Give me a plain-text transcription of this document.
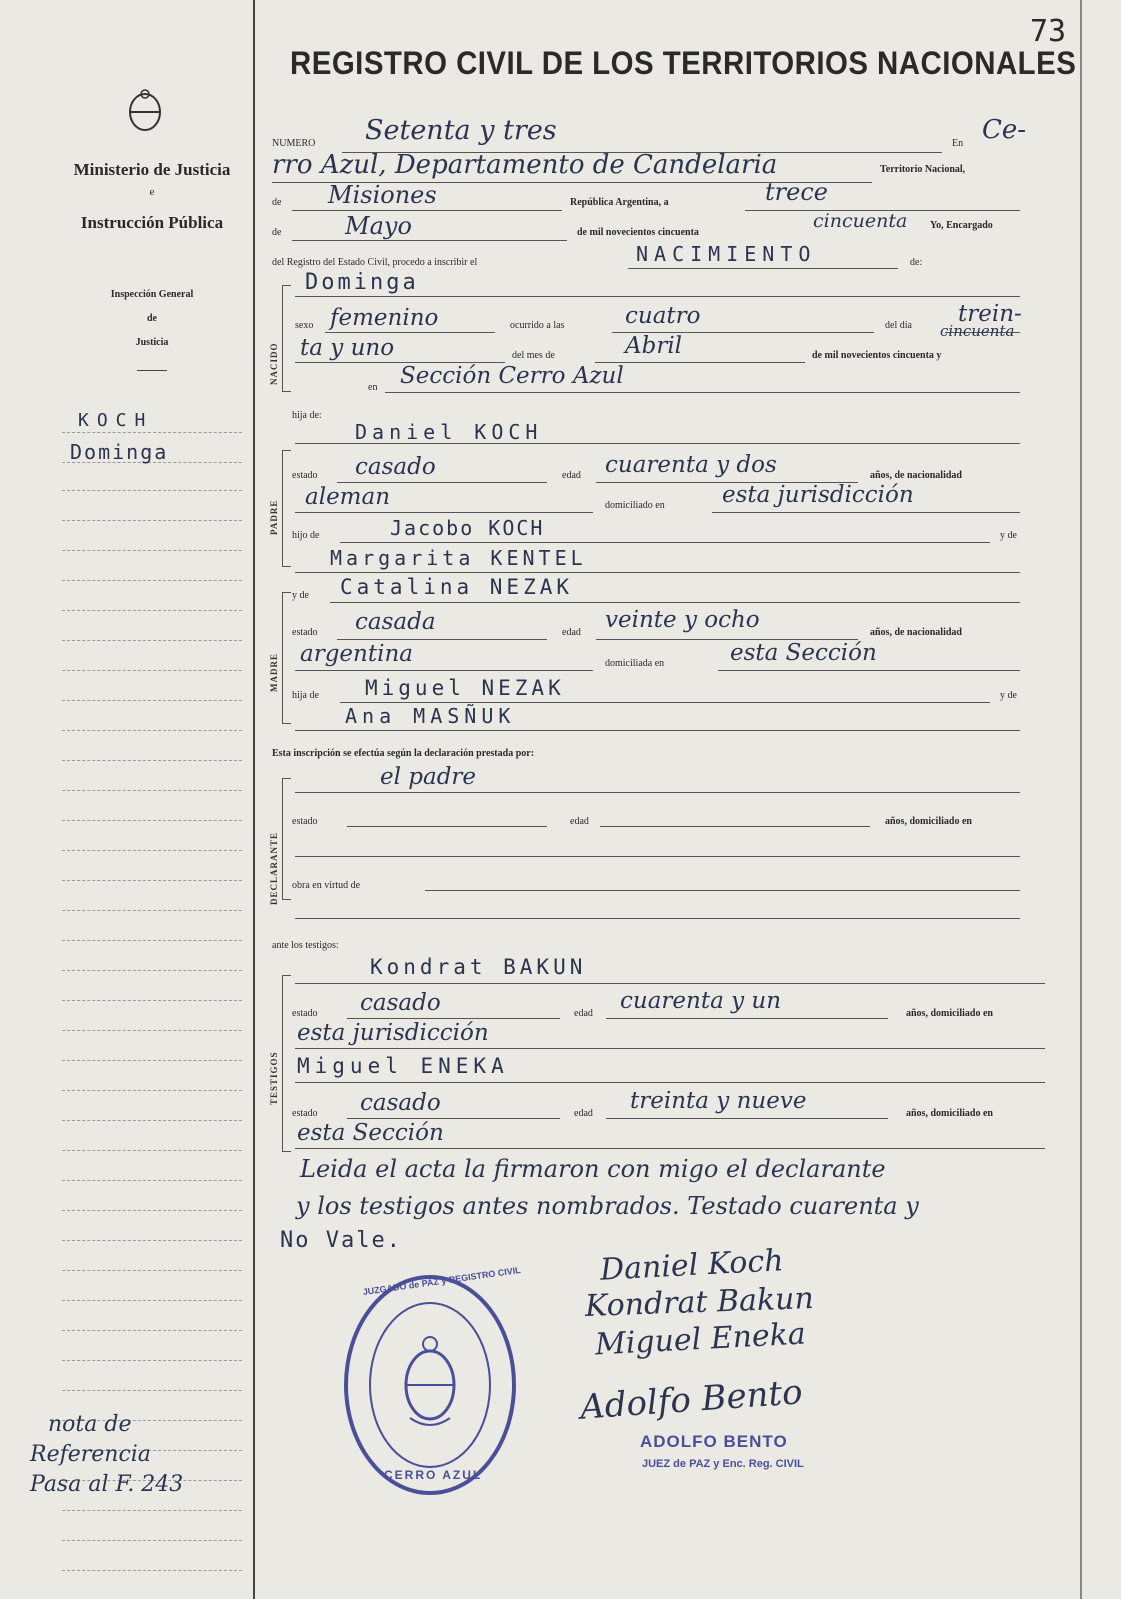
73
Ministerio de Justicia
e
Instrucción Pública
Inspección General
de
Justicia
KOCH
Dominga
nota de
Referencia
Pasa al F. 243
REGISTRO CIVIL DE LOS TERRITORIOS NACIONALES
NUMERO Setenta y tres	En Ce-
rro Azul, Departamento de Candelaria	Territorio Nacional,
de Misiones	República Argentina, a	trece
de	Mayo	de mil novecientos cincuenta
cincuenta Yo, Encargado
del Registro del Estado Civil, procedo a inscribir el	NACIMIENTO	de:
NACIDO
Dominga
sexo femenino	ocurrido a las	cuatro	del día trein-
ta y uno	del mes de	Abril	de mil novecientos cincuenta y
cincuenta
en Sección Cerro Azul
hija de:
PADRE
Daniel KOCH
estado casado	edad cuarenta y dos	años, de nacionalidad
aleman	domiciliado en esta jurisdicción
hijo de	Jacobo KOCH	y de
Margarita KENTEL
MADRE
y de Catalina NEZAK
estado casada	edad veinte y ocho	años, de nacionalidad
argentina	domiciliada en	esta Sección
hija de Miguel NEZAK	y de
Ana MASÑUK
Esta inscripción se efectúa según la declaración prestada por:
DECLARANTE
el padre
estado	edad	años, domiciliado en
obra en virtud de
ante los testigos:
TESTIGOS
Kondrat BAKUN
estado casado	edad cuarenta y un	años, domiciliado en
esta jurisdicción
Miguel ENEKA
estado casado	edad treinta y nueve	años, domiciliado en
esta Sección
Leida el acta la firmaron con migo el declarante
y los testigos antes nombrados. Testado cuarenta y
No Vale.
Daniel Koch
Kondrat Bakun
Miguel Eneka
Adolfo Bento
ADOLFO BENTO
JUEZ de PAZ y Enc. Reg. CIVIL
JUZGADO de PAZ y REGISTRO CIVIL
CERRO AZUL
